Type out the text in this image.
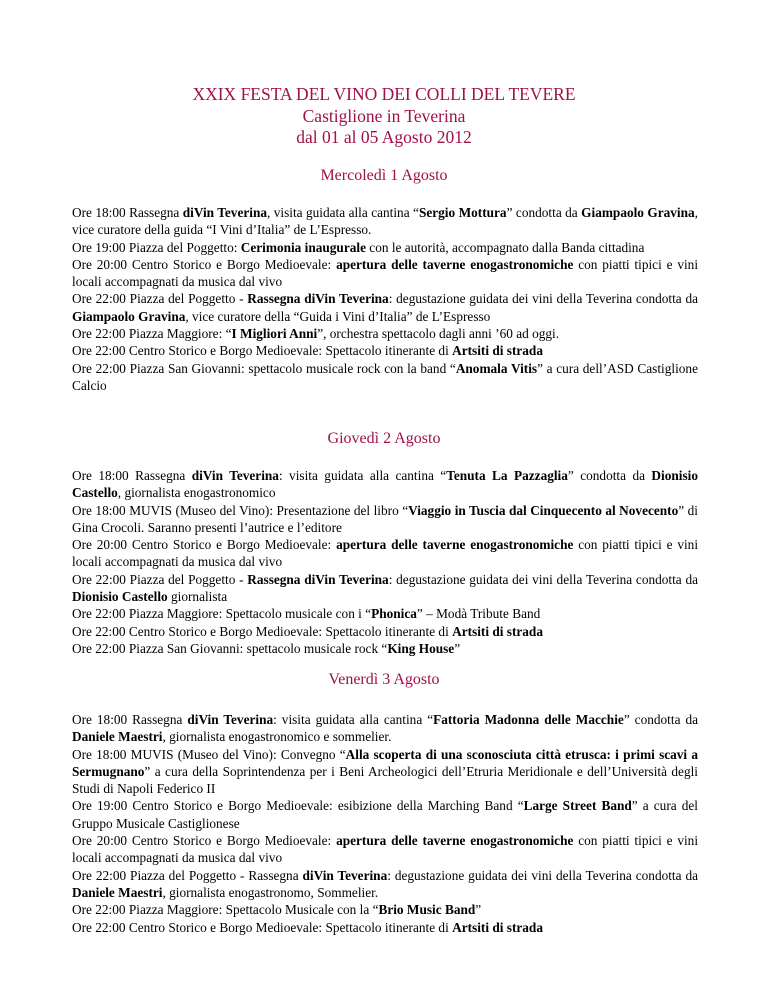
XXIX FESTA DEL VINO DEI COLLI DEL TEVERE
Castiglione in Teverina
dal 01 al 05 Agosto 2012
Mercoledì 1 Agosto

Ore 18:00 Rassegna diVin Teverina, visita guidata alla cantina “Sergio Mottura” condotta da Giampaolo Gravina, vice curatore della guida “I Vini d’Italia” de L’Espresso.

Ore 19:00 Piazza del Poggetto: Cerimonia inaugurale con le autorità, accompagnato dalla Banda cittadina

Ore 20:00 Centro Storico e Borgo Medioevale: apertura delle taverne enogastronomiche con piatti tipici e vini locali accompagnati da musica dal vivo

Ore 22:00 Piazza del Poggetto - Rassegna diVin Teverina: degustazione guidata dei vini della Teverina condotta da Giampaolo Gravina, vice curatore della “Guida i Vini d’Italia” de L’Espresso

Ore 22:00 Piazza Maggiore: “I Migliori Anni”, orchestra spettacolo dagli anni ’60 ad oggi.

Ore 22:00 Centro Storico e Borgo Medioevale: Spettacolo itinerante di Artsiti di strada

Ore 22:00 Piazza San Giovanni: spettacolo musicale rock con la band “Anomala Vitis” a cura dell’ASD Castiglione Calcio

Giovedì 2 Agosto

Ore 18:00 Rassegna diVin Teverina: visita guidata alla cantina “Tenuta La Pazzaglia” condotta da Dionisio Castello, giornalista enogastronomico

Ore 18:00 MUVIS (Museo del Vino): Presentazione del libro “Viaggio in Tuscia dal Cinquecento al Novecento” di Gina Crocoli. Saranno presenti l’autrice e l’editore

Ore 20:00 Centro Storico e Borgo Medioevale: apertura delle taverne enogastronomiche con piatti tipici e vini locali accompagnati da musica dal vivo

Ore 22:00 Piazza del Poggetto - Rassegna diVin Teverina: degustazione guidata dei vini della Teverina condotta da Dionisio Castello giornalista

Ore 22:00 Piazza Maggiore: Spettacolo musicale con i “Phonica” – Modà Tribute Band

Ore 22:00 Centro Storico e Borgo Medioevale: Spettacolo itinerante di Artsiti di strada

Ore 22:00 Piazza San Giovanni: spettacolo musicale rock “King House”

Venerdì 3 Agosto

Ore 18:00 Rassegna diVin Teverina: visita guidata alla cantina “Fattoria Madonna delle Macchie” condotta da Daniele Maestri, giornalista enogastronomico e sommelier.

Ore 18:00 MUVIS (Museo del Vino): Convegno “Alla scoperta di una sconosciuta città etrusca: i primi scavi a Sermugnano” a cura della Soprintendenza per i Beni Archeologici dell’Etruria Meridionale e dell’Università degli Studi di Napoli Federico II

Ore 19:00 Centro Storico e Borgo Medioevale: esibizione della Marching Band “Large Street Band” a cura del Gruppo Musicale Castiglionese

Ore 20:00 Centro Storico e Borgo Medioevale: apertura delle taverne enogastronomiche con piatti tipici e vini locali accompagnati da musica dal vivo

Ore 22:00 Piazza del Poggetto - Rassegna diVin Teverina: degustazione guidata dei vini della Teverina condotta da Daniele Maestri, giornalista enogastronomo, Sommelier.

Ore 22:00 Piazza Maggiore: Spettacolo Musicale con la “Brio Music Band”

Ore 22:00 Centro Storico e Borgo Medioevale: Spettacolo itinerante di Artsiti di strada
